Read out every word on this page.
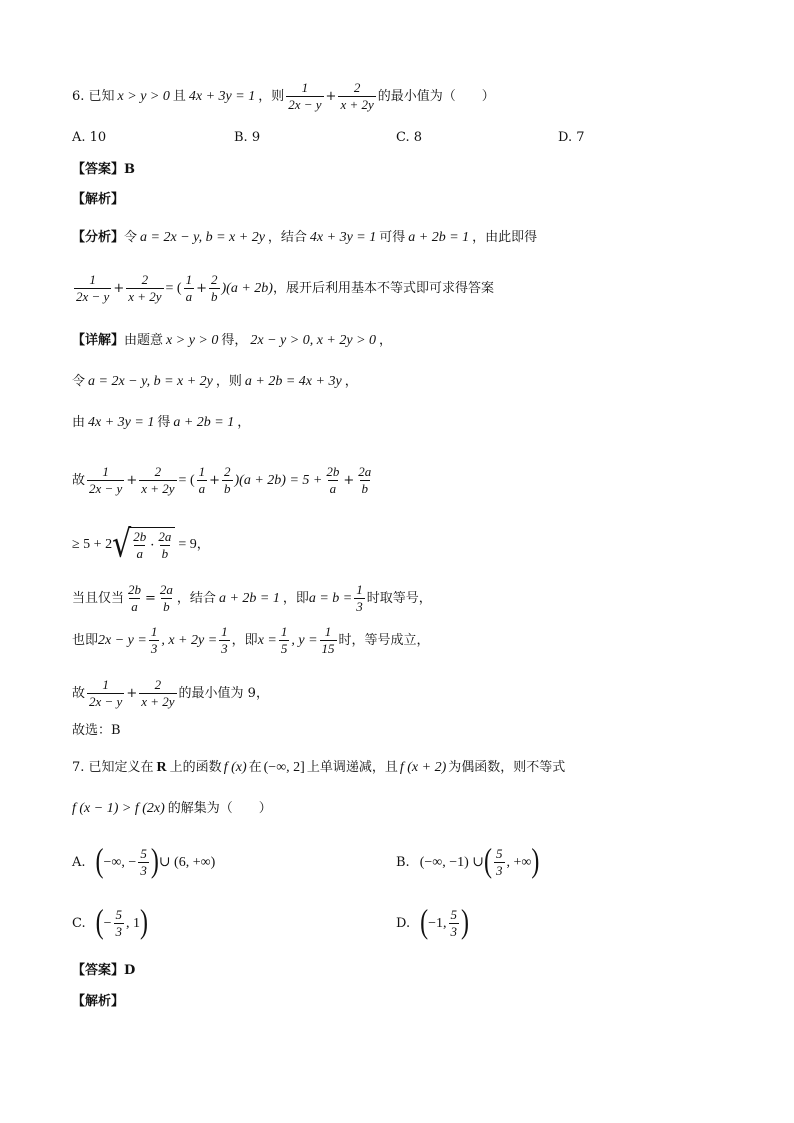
6. 已知 x > y > 0 且 4x + 3y = 1 ，则 $\frac{1}{2x - y} + \frac{2}{x + 2y}$ 的最小值为（　　）
A. 10	B. 9	C. 8	D. 7
【答案】B
【解析】
【分析】 令 a = 2x − y, b = x + 2y ，结合 4x + 3y = 1 可得 a + 2b = 1 ，由此即得
$\frac{1}{2x - y} + \frac{2}{x + 2y}$ = ( $\frac{1}{a} + \frac{2}{b} )(a + 2b)$ ，展开后利用基本不等式即可求得答案
【详解】 由题意 x > y > 0 得， 2x − y > 0, x + 2y > 0 ，
令 a = 2x − y, b = x + 2y ，则 a + 2b = 4x + 3y ，
由 4x + 3y = 1 得 a + 2b = 1 ，
故 $\frac{1}{2x - y} + \frac{2}{x + 2y}$ = ( $\frac{1}{a} + \frac{2}{b} )(a + 2b) = 5 + \frac{2b}{a} + \frac{2a}{b}$
≥ 5 + 2 √ $\frac{2b}{a} \cdot \frac{2a}{b} = 9$ ，
当且仅当 $\frac{2b}{a} = \frac{2a}{b}$ ，结合 a + 2b = 1 ，即 $a = b = \frac{1}{3}$ 时取等号，
也即 $2x - y = \frac{1}{3}$ , $x + 2y = \frac{1}{3}$ ，即 $x = \frac{1}{5}$ , $y = \frac{1}{15}$ 时，等号成立，
故 $\frac{1}{2x - y} + \frac{2}{x + 2y}$ 的最小值为 9，
故选：B
7. 已知定义在 R 上的函数 f (x) 在 (−∞, 2] 上单调递减，且 f (x + 2) 为偶函数，则不等式
f (x − 1) > f (2x) 的解集为（　　）
A. ( −∞, − $\frac{5}{3}$ ) ∪ (6, +∞)	B. (−∞, −1) ∪ ( $\frac{5}{3}$ , +∞ )
C. ( − $\frac{5}{3}$ , 1 )	D. ( −1, $\frac{5}{3}$ )
【答案】D
【解析】
